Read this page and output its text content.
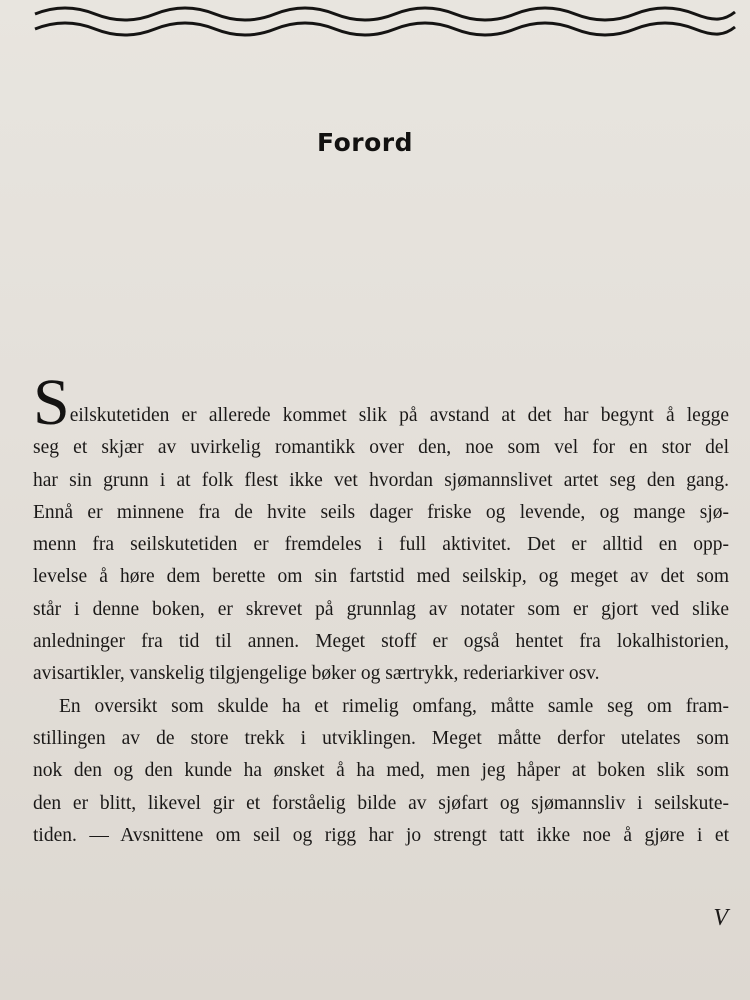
Forord
Seilskutetiden er allerede kommet slik på avstand at det har begynt å legge
seg et skjær av uvirkelig romantikk over den, noe som vel for en stor del
har sin grunn i at folk flest ikke vet hvordan sjømannslivet artet seg den gang.
Ennå er minnene fra de hvite seils dager friske og levende, og mange sjø-
menn fra seilskutetiden er fremdeles i full aktivitet. Det er alltid en opp-
levelse å høre dem berette om sin fartstid med seilskip, og meget av det som
står i denne boken, er skrevet på grunnlag av notater som er gjort ved slike
anledninger fra tid til annen. Meget stoff er også hentet fra lokalhistorien,
avisartikler, vanskelig tilgjengelige bøker og særtrykk, rederiarkiver osv.
En oversikt som skulde ha et rimelig omfang, måtte samle seg om fram-
stillingen av de store trekk i utviklingen. Meget måtte derfor utelates som
nok den og den kunde ha ønsket å ha med, men jeg håper at boken slik som
den er blitt, likevel gir et forståelig bilde av sjøfart og sjømannsliv i seilskute-
tiden. — Avsnittene om seil og rigg har jo strengt tatt ikke noe å gjøre i et
V
